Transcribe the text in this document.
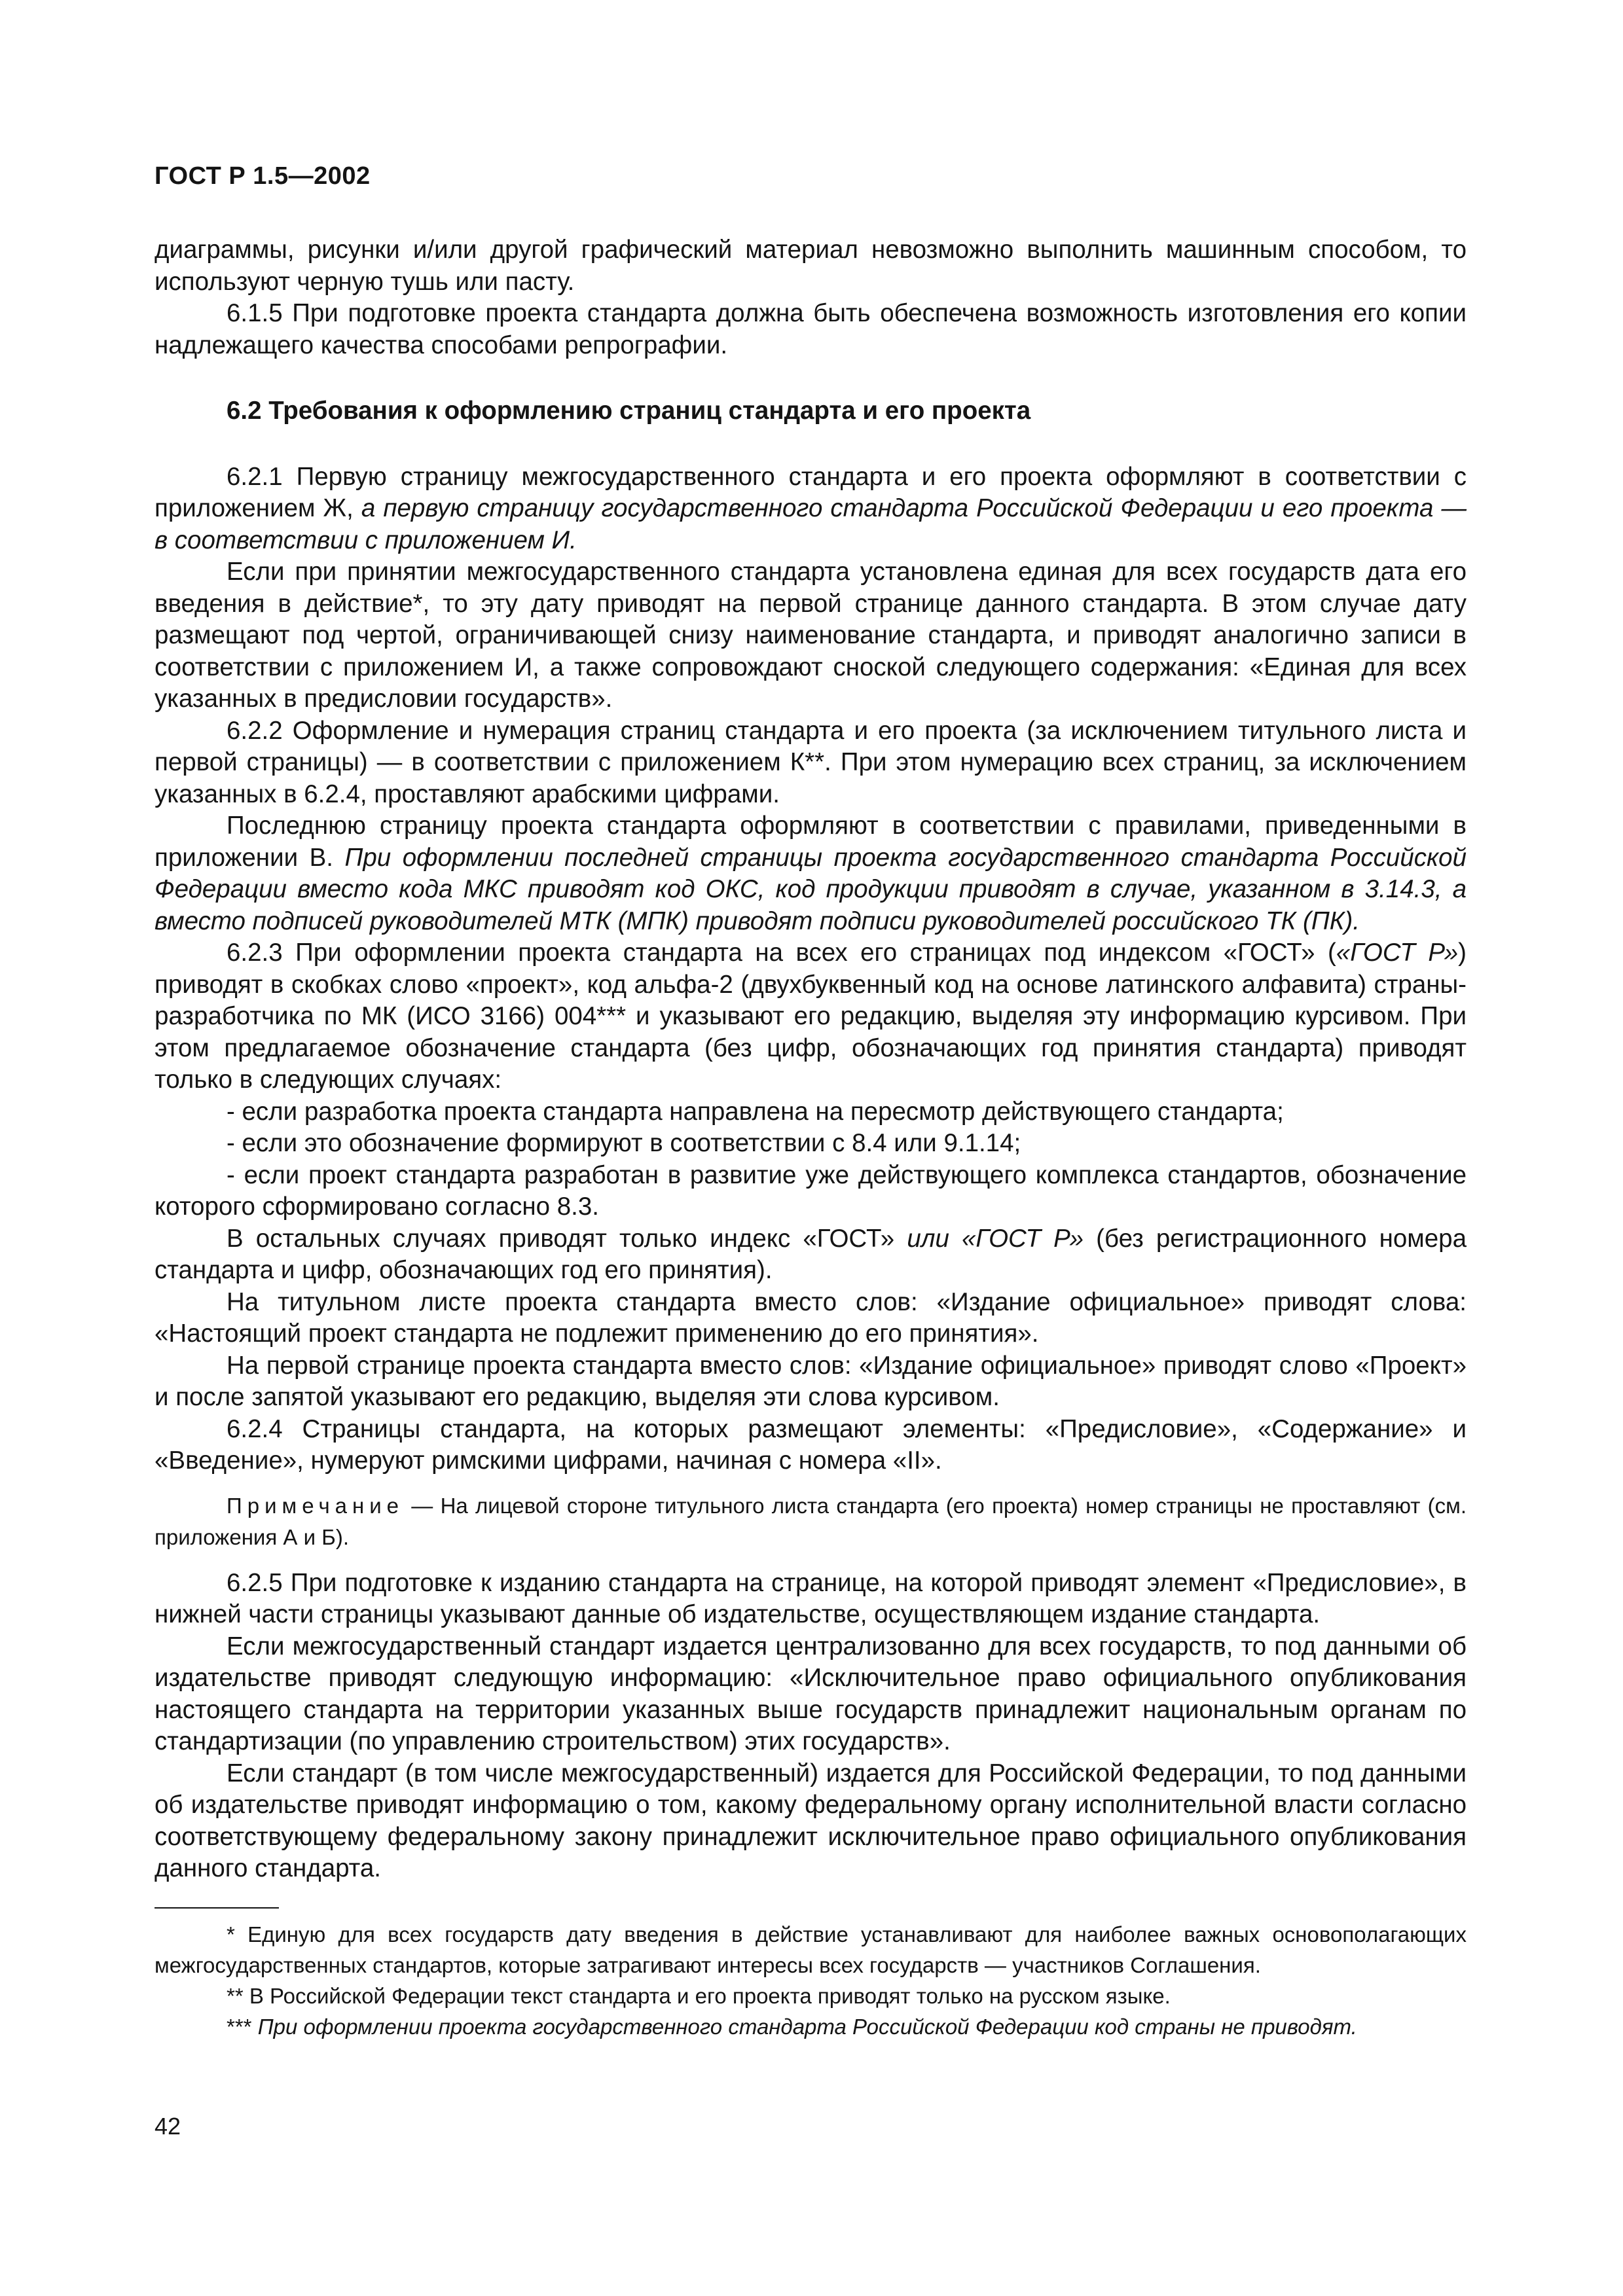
ГОСТ Р 1.5—2002

диаграммы, рисунки и/или другой графический материал невозможно выполнить машинным способом, то используют черную тушь или пасту.

6.1.5 При подготовке проекта стандарта должна быть обеспечена возможность изготовления его копии надлежащего качества способами репрографии.

6.2 Требования к оформлению страниц стандарта и его проекта

6.2.1 Первую страницу межгосударственного стандарта и его проекта оформляют в соответствии с приложением Ж, а первую страницу государственного стандарта Российской Федерации и его проекта — в соответствии с приложением И.

Если при принятии межгосударственного стандарта установлена единая для всех государств дата его введения в действие*, то эту дату приводят на первой странице данного стандарта. В этом случае дату размещают под чертой, ограничивающей снизу наименование стандарта, и приводят аналогично записи в соответствии с приложением И, а также сопровождают сноской следующего содержания: «Единая для всех указанных в предисловии государств».

6.2.2 Оформление и нумерация страниц стандарта и его проекта (за исключением титульного листа и первой страницы) — в соответствии с приложением К**. При этом нумерацию всех страниц, за исключением указанных в 6.2.4, проставляют арабскими цифрами.

Последнюю страницу проекта стандарта оформляют в соответствии с правилами, приведенными в приложении В. При оформлении последней страницы проекта государственного стандарта Российской Федерации вместо кода МКС приводят код ОКС, код продукции приводят в случае, указанном в 3.14.3, а вместо подписей руководителей МТК (МПК) приводят подписи руководителей российского ТК (ПК).

6.2.3 При оформлении проекта стандарта на всех его страницах под индексом «ГОСТ» («ГОСТ Р») приводят в скобках слово «проект», код альфа-2 (двухбуквенный код на основе латинского алфавита) страны-разработчика по МК (ИСО 3166) 004*** и указывают его редакцию, выделяя эту информацию курсивом. При этом предлагаемое обозначение стандарта (без цифр, обозначающих год принятия стандарта) приводят только в следующих случаях:

- если разработка проекта стандарта направлена на пересмотр действующего стандарта;

- если это обозначение формируют в соответствии с 8.4 или 9.1.14;

- если проект стандарта разработан в развитие уже действующего комплекса стандартов, обозначение которого сформировано согласно 8.3.

В остальных случаях приводят только индекс «ГОСТ» или «ГОСТ Р» (без регистрационного номера стандарта и цифр, обозначающих год его принятия).

На титульном листе проекта стандарта вместо слов: «Издание официальное» приводят слова: «Настоящий проект стандарта не подлежит применению до его принятия».

На первой странице проекта стандарта вместо слов: «Издание официальное» приводят слово «Проект» и после запятой указывают его редакцию, выделяя эти слова курсивом.

6.2.4 Страницы стандарта, на которых размещают элементы: «Предисловие», «Содержание» и «Введение», нумеруют римскими цифрами, начиная с номера «II».

Примечание — На лицевой стороне титульного листа стандарта (его проекта) номер страницы не проставляют (см. приложения А и Б).

6.2.5 При подготовке к изданию стандарта на странице, на которой приводят элемент «Предисловие», в нижней части страницы указывают данные об издательстве, осуществляющем издание стандарта.

Если межгосударственный стандарт издается централизованно для всех государств, то под данными об издательстве приводят следующую информацию: «Исключительное право официального опубликования настоящего стандарта на территории указанных выше государств принадлежит национальным органам по стандартизации (по управлению строительством) этих государств».

Если стандарт (в том числе межгосударственный) издается для Российской Федерации, то под данными об издательстве приводят информацию о том, какому федеральному органу исполнительной власти согласно соответствующему федеральному закону принадлежит исключительное право официального опубликования данного стандарта.

* Единую для всех государств дату введения в действие устанавливают для наиболее важных основополагающих межгосударственных стандартов, которые затрагивают интересы всех государств — участников Соглашения.

** В Российской Федерации текст стандарта и его проекта приводят только на русском языке.

*** При оформлении проекта государственного стандарта Российской Федерации код страны не приводят.

42
